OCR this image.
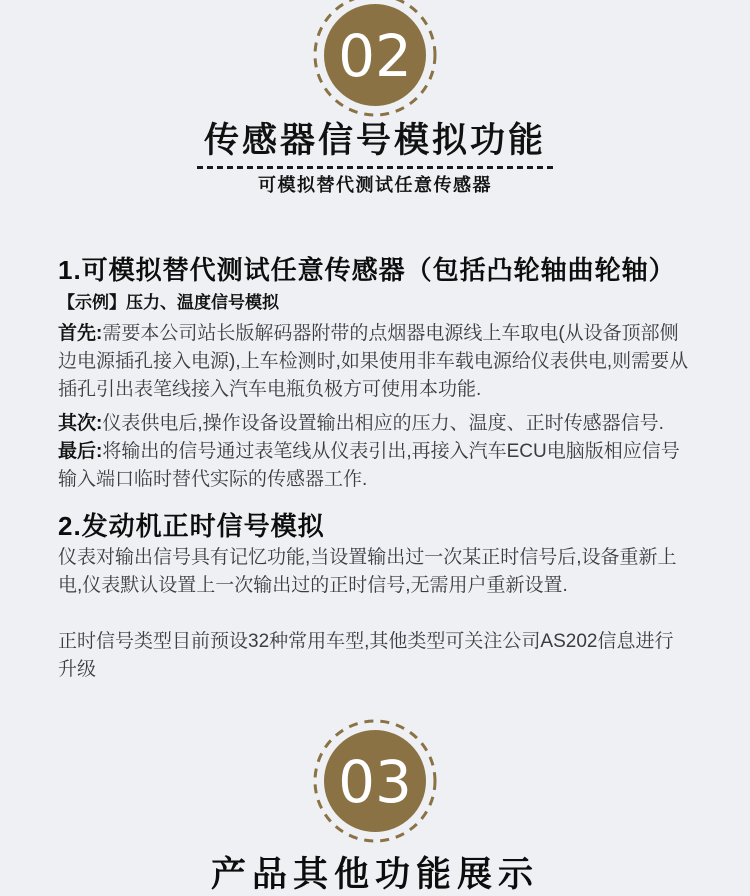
02
传感器信号模拟功能
可模拟替代测试任意传感器
1.可模拟替代测试任意传感器（包括凸轮轴曲轮轴）

【示例】压力、温度信号模拟

首先:需要本公司站长版解码器附带的点烟器电源线上车取电(从设备顶部侧边电源插孔接入电源),上车检测时,如果使用非车载电源给仪表供电,则需要从插孔引出表笔线接入汽车电瓶负极方可使用本功能.

其次:仪表供电后,操作设备设置输出相应的压力、温度、正时传感器信号.

最后:将输出的信号通过表笔线从仪表引出,再接入汽车ECU电脑版相应信号输入端口临时替代实际的传感器工作.

2.发动机正时信号模拟

仪表对输出信号具有记忆功能,当设置输出过一次某正时信号后,设备重新上电,仪表默认设置上一次输出过的正时信号,无需用户重新设置.

正时信号类型目前预设32种常用车型,其他类型可关注公司AS202信息进行升级

03
产品其他功能展示
